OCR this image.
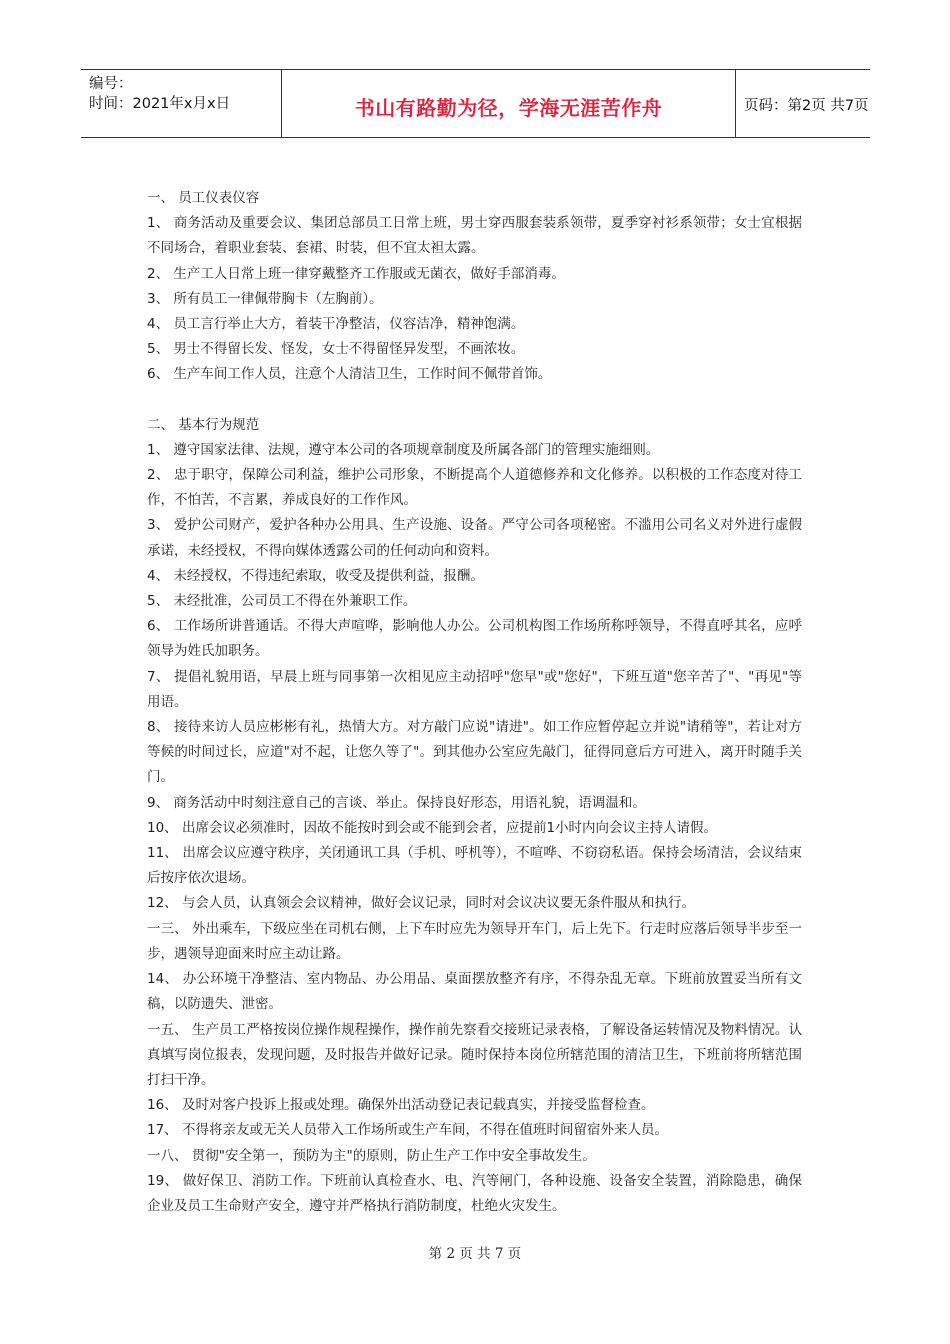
编号：
时间：2021年x月x日	书山有路勤为径，学海无涯苦作舟	页码：第2页 共7页

一、 员工仪表仪容

1、 商务活动及重要会议、集团总部员工日常上班，男士穿西服套装系领带，夏季穿衬衫系领带；女士宜根据不同场合，着职业套装、套裙、时装，但不宜太袒太露。

2、 生产工人日常上班一律穿戴整齐工作服或无菌衣，做好手部消毒。

3、 所有员工一律佩带胸卡（左胸前）。

4、 员工言行举止大方，着装干净整洁，仪容洁净，精神饱满。

5、 男士不得留长发、怪发，女士不得留怪异发型，不画浓妆。

6、 生产车间工作人员，注意个人清洁卫生，工作时间不佩带首饰。

二、 基本行为规范

1、 遵守国家法律、法规，遵守本公司的各项规章制度及所属各部门的管理实施细则。

2、 忠于职守，保障公司利益，维护公司形象，不断提高个人道德修养和文化修养。以积极的工作态度对待工作，不怕苦，不言累，养成良好的工作作风。

3、 爱护公司财产，爱护各种办公用具、生产设施、设备。严守公司各项秘密。不滥用公司名义对外进行虚假承诺，未经授权，不得向媒体透露公司的任何动向和资料。

4、 未经授权，不得违纪索取，收受及提供利益，报酬。

5、 未经批准，公司员工不得在外兼职工作。

6、 工作场所讲普通话。不得大声喧哗，影响他人办公。公司机构图工作场所称呼领导，不得直呼其名，应呼领导为姓氏加职务。

7、 提倡礼貌用语，早晨上班与同事第一次相见应主动招呼"您早"或"您好"，下班互道"您辛苦了"、"再见"等用语。

8、 接待来访人员应彬彬有礼，热情大方。对方敲门应说"请进"。如工作应暂停起立并说"请稍等"，若让对方等候的时间过长，应道"对不起，让您久等了"。到其他办公室应先敲门，征得同意后方可进入，离开时随手关门。

9、 商务活动中时刻注意自己的言谈、举止。保持良好形态，用语礼貌，语调温和。

10、 出席会议必须准时，因故不能按时到会或不能到会者，应提前1小时内向会议主持人请假。

11、 出席会议应遵守秩序，关闭通讯工具（手机、呼机等），不喧哗、不窃窃私语。保持会场清洁，会议结束后按序依次退场。

12、 与会人员，认真领会会议精神，做好会议记录，同时对会议决议要无条件服从和执行。

一三、 外出乘车，下级应坐在司机右侧，上下车时应先为领导开车门，后上先下。行走时应落后领导半步至一步，遇领导迎面来时应主动让路。

14、 办公环境干净整洁、室内物品、办公用品、桌面摆放整齐有序，不得杂乱无章。下班前放置妥当所有文稿，以防遗失、泄密。

一五、 生产员工严格按岗位操作规程操作，操作前先察看交接班记录表格，了解设备运转情况及物料情况。认真填写岗位报表，发现问题，及时报告并做好记录。随时保持本岗位所辖范围的清洁卫生，下班前将所辖范围打扫干净。

16、 及时对客户投诉上报或处理。确保外出活动登记表记载真实，并接受监督检查。

17、 不得将亲友或无关人员带入工作场所或生产车间，不得在值班时间留宿外来人员。

一八、 贯彻"安全第一，预防为主"的原则，防止生产工作中安全事故发生。

19、 做好保卫、消防工作。下班前认真检查水、电、汽等闸门，各种设施、设备安全装置，消除隐患，确保企业及员工生命财产安全，遵守并严格执行消防制度，杜绝火灾发生。

第 2 页 共 7 页
